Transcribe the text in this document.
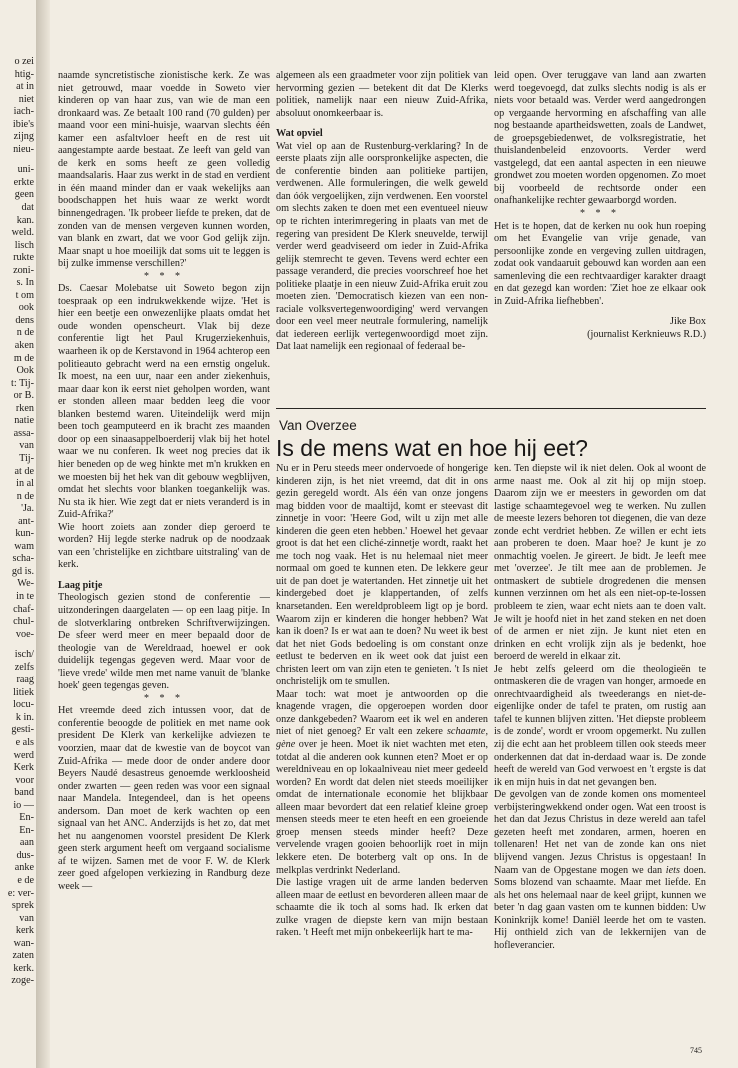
o zei
htig-
at in
niet
iach-
ibie's
zijng
nieu-
uni-
erkte
geen
dat
kan.
weld.
lisch
rukte
zoni-
s. In
t om
ook
dens
n de
aken
m de
Ook
t: Tij-
or B.
rken
natie
assa-
van
Tij-
at de
in al
n de
'Ja.
ant-
kun-
wam
scha-
gd is.
We-
in te
chaf-
chul-
voe-
isch/
zelfs
raag
litiek
locu-
k in.
gesti-
e als
werd
Kerk
voor
band
io —
En-
En-
aan
dus-
anke
e de
e: ver-
sprek
van
kerk
wan-
zaten
kerk.
zoge-

naamde syncretistische zionistische kerk. Ze was niet getrouwd, maar voedde in Soweto vier kinderen op van haar zus, van wie de man een dronkaard was. Ze betaalt 100 rand (70 gulden) per maand voor een mini-huisje, waarvan slechts één kamer een asfaltvloer heeft en de rest uit aangestampte aarde bestaat. Ze leeft van geld van de kerk en soms heeft ze geen volledig maandsalaris. Haar zus werkt in de stad en verdient in één maand minder dan er vaak wekelijks aan boodschappen het huis waar ze werkt wordt binnengedragen. 'Ik probeer liefde te preken, dat de zonden van de mensen vergeven kunnen worden, van blank en zwart, dat we voor God gelijk zijn. Maar snapt u hoe moeilijk dat soms uit te leggen is bij zulke immense verschillen?'

* * *

Ds. Caesar Molebatse uit Soweto begon zijn toespraak op een indrukwekkende wijze. 'Het is hier een beetje een onwezenlijke plaats omdat het oude wonden openscheurt. Vlak bij deze conferentie ligt het Paul Krugerziekenhuis, waarheen ik op de Kerstavond in 1964 achterop een politieauto gebracht werd na een ernstig ongeluk. Ik moest, na een uur, naar een ander ziekenhuis, maar daar kon ik eerst niet geholpen worden, want er stonden alleen maar bedden leeg die voor blanken bestemd waren. Uiteindelijk werd mijn been toch geamputeerd en ik bracht zes maanden door op een sinaasappelboerderij vlak bij het hotel waar we nu conferen. Ik weet nog precies dat ik hier beneden op de weg hinkte met m'n krukken en we moesten bij het hek van dit gebouw wegblijven, omdat het slechts voor blanken toegankelijk was. Nu sta ik hier. Wie zegt dat er niets veranderd is in Zuid-Afrika?'

Wie hoort zoiets aan zonder diep geroerd te worden? Hij legde sterke nadruk op de noodzaak van een 'christelijke en zichtbare uitstraling' van de kerk.

Laag pitje

Theologisch gezien stond de conferentie — uitzonderingen daargelaten — op een laag pitje. In de slotverklaring ontbreken Schriftverwijzingen. De sfeer werd meer en meer bepaald door de theologie van de Wereldraad, hoewel er ook duidelijk tegengas gegeven werd. Maar voor de 'lieve vrede' wilde men met name vanuit de 'blanke hoek' geen tegengas geven.

* * *

Het vreemde deed zich intussen voor, dat de conferentie beoogde de politiek en met name ook president De Klerk van kerkelijke adviezen te voorzien, maar dat de kwestie van de boycot van Zuid-Afrika — mede door de onder andere door Beyers Naudé desastreus genoemde werkloosheid onder zwarten — geen reden was voor een signaal naar Mandela. Integendeel, dan is het opeens andersom. Dan moet de kerk wachten op een signaal van het ANC. Anderzijds is het zo, dat met het nu aangenomen voorstel president De Klerk geen sterk argument heeft om vergaand socialisme af te wijzen. Samen met de voor F. W. de Klerk zeer goed afgelopen verkiezing in Randburg deze week —

algemeen als een graadmeter voor zijn politiek van hervorming gezien — betekent dit dat De Klerks politiek, namelijk naar een nieuw Zuid-Afrika, absoluut onomkeerbaar is.

Wat opviel

Wat viel op aan de Rustenburg-verklaring? In de eerste plaats zijn alle oorspronkelijke aspecten, die de conferentie binden aan politieke partijen, verdwenen. Alle formuleringen, die welk geweld dan óók vergoelijken, zijn verdwenen. Een voorstel om slechts zaken te doen met een eventueel nieuw op te richten interimregering in plaats van met de regering van president De Klerk sneuvelde, terwijl verder werd geadviseerd om ieder in Zuid-Afrika gelijk stemrecht te geven. Tevens werd echter een passage veranderd, die precies voorschreef hoe het politieke plaatje in een nieuw Zuid-Afrika eruit zou moeten zien. 'Democratisch kiezen van een non-raciale volksvertegenwoordiging' werd vervangen door een veel meer neutrale formulering, namelijk dat iedereen eerlijk vertegenwoordigd moet zijn. Dat laat namelijk een regionaal of federaal be-

leid open. Over teruggave van land aan zwarten werd toegevoegd, dat zulks slechts nodig is als er niets voor betaald was. Verder werd aangedrongen op vergaande hervorming en afschaffing van alle nog bestaande apartheidswetten, zoals de Landwet, de groepsgebiedenwet, de volksregistratie, het thuislandenbeleid enzovoorts. Verder werd vastgelegd, dat een aantal aspecten in een nieuwe grondwet zou moeten worden opgenomen. Zo moet bij voorbeeld de rechtsorde onder een onafhankelijke rechter gewaarborgd worden.

* * *

Het is te hopen, dat de kerken nu ook hun roeping om het Evangelie van vrije genade, van persoonlijke zonde en vergeving zullen uitdragen, zodat ook vandaaruit gebouwd kan worden aan een samenleving die een rechtvaardiger karakter draagt en dat gezegd kan worden: 'Ziet hoe ze elkaar ook in Zuid-Afrika liefhebben'.

Jike Box

(journalist Kerknieuws R.D.)

Van Overzee
Is de mens wat en hoe hij eet?

Nu er in Peru steeds meer ondervoede of hongerige kinderen zijn, is het niet vreemd, dat dit in ons gezin geregeld wordt. Als één van onze jongens mag bidden voor de maaltijd, komt er steevast dit zinnetje in voor: 'Heere God, wilt u zijn met alle kinderen die geen eten hebben.' Hoewel het gevaar groot is dat het een cliché-zinnetje wordt, raakt het me toch nog vaak. Het is nu helemaal niet meer normaal om goed te kunnen eten. De lekkere geur uit de pan doet je watertanden. Het zinnetje uit het kindergebed doet je klappertanden, of zelfs knarsetanden. Een wereldprobleem ligt op je bord. Waarom zijn er kinderen die honger hebben? Wat kan ik doen? Is er wat aan te doen? Nu weet ik best dat het niet Gods bedoeling is om constant onze eetlust te bederven en ik weet ook dat juist een christen leert om van zijn eten te genieten. 't Is niet onchristelijk om te smullen.

Maar toch: wat moet je antwoorden op die knagende vragen, die opgeroepen worden door onze dankgebeden? Waarom eet ik wel en anderen niet of niet genoeg? Er valt een zekere schaamte, gène over je heen. Moet ik niet wachten met eten, totdat al die anderen ook kunnen eten? Moet er op wereldniveau en op lokaalniveau niet meer gedeeld worden? En wordt dat delen niet steeds moeilijker omdat de internationale economie het blijkbaar alleen maar bevordert dat een relatief kleine groep mensen steeds meer te eten heeft en een groeiende groep mensen steeds minder heeft? Deze vervelende vragen gooien behoorlijk roet in mijn lekkere eten. De boterberg valt op ons. In de melkplas verdrinkt Nederland.

Die lastige vragen uit de arme landen bederven alleen maar de eetlust en bevorderen alleen maar de schaamte die ik toch al soms had. Ik erken dat zulke vragen de diepste kern van mijn bestaan raken. 't Heeft met mijn onbekeerlijk hart te ma-

ken. Ten diepste wil ik niet delen. Ook al woont de arme naast me. Ook al zit hij op mijn stoep. Daarom zijn we er meesters in geworden om dat lastige schaamtegevoel weg te werken. Nu zullen de meeste lezers behoren tot diegenen, die van deze zonde echt verdriet hebben. Ze willen er echt iets aan proberen te doen. Maar hoe? Je kunt je zo onmachtig voelen. Je gireert. Je bidt. Je leeft mee met 'overzee'. Je tilt mee aan de problemen. Je ontmaskert de subtiele drogredenen die mensen kunnen verzinnen om het als een niet-op-te-lossen probleem te zien, waar echt niets aan te doen valt. Je wilt je hoofd niet in het zand steken en net doen of de armen er niet zijn. Je kunt niet eten en drinken en echt vrolijk zijn als je bedenkt, hoe beroerd de wereld in elkaar zit.

Je hebt zelfs geleerd om die theologieën te ontmaskeren die de vragen van honger, armoede en onrechtvaardigheid als tweederangs en niet-de-eigenlijke onder de tafel te praten, om rustig aan tafel te kunnen blijven zitten. 'Het diepste probleem is de zonde', wordt er vroom opgemerkt. Nu zullen zij die echt aan het probleem tillen ook steeds meer onderkennen dat dat in-derdaad waar is. De zonde heeft de wereld van God verwoest en 't ergste is dat ik en mijn huis in dat net gevangen ben.

De gevolgen van de zonde komen ons momenteel verbijsteringwekkend onder ogen. Wat een troost is het dan dat Jezus Christus in deze wereld aan tafel gezeten heeft met zondaren, armen, hoeren en tollenaren! Het net van de zonde kan ons niet blijvend vangen. Jezus Christus is opgestaan! In Naam van de Opgestane mogen we dan iets doen. Soms blozend van schaamte. Maar met liefde. En als het ons helemaal naar de keel grijpt, kunnen we beter 'n dag gaan vasten om te kunnen bidden: Uw Koninkrijk kome! Daniël leerde het om te vasten. Hij onthield zich van de lekkernijen van de hofleverancier.

745
